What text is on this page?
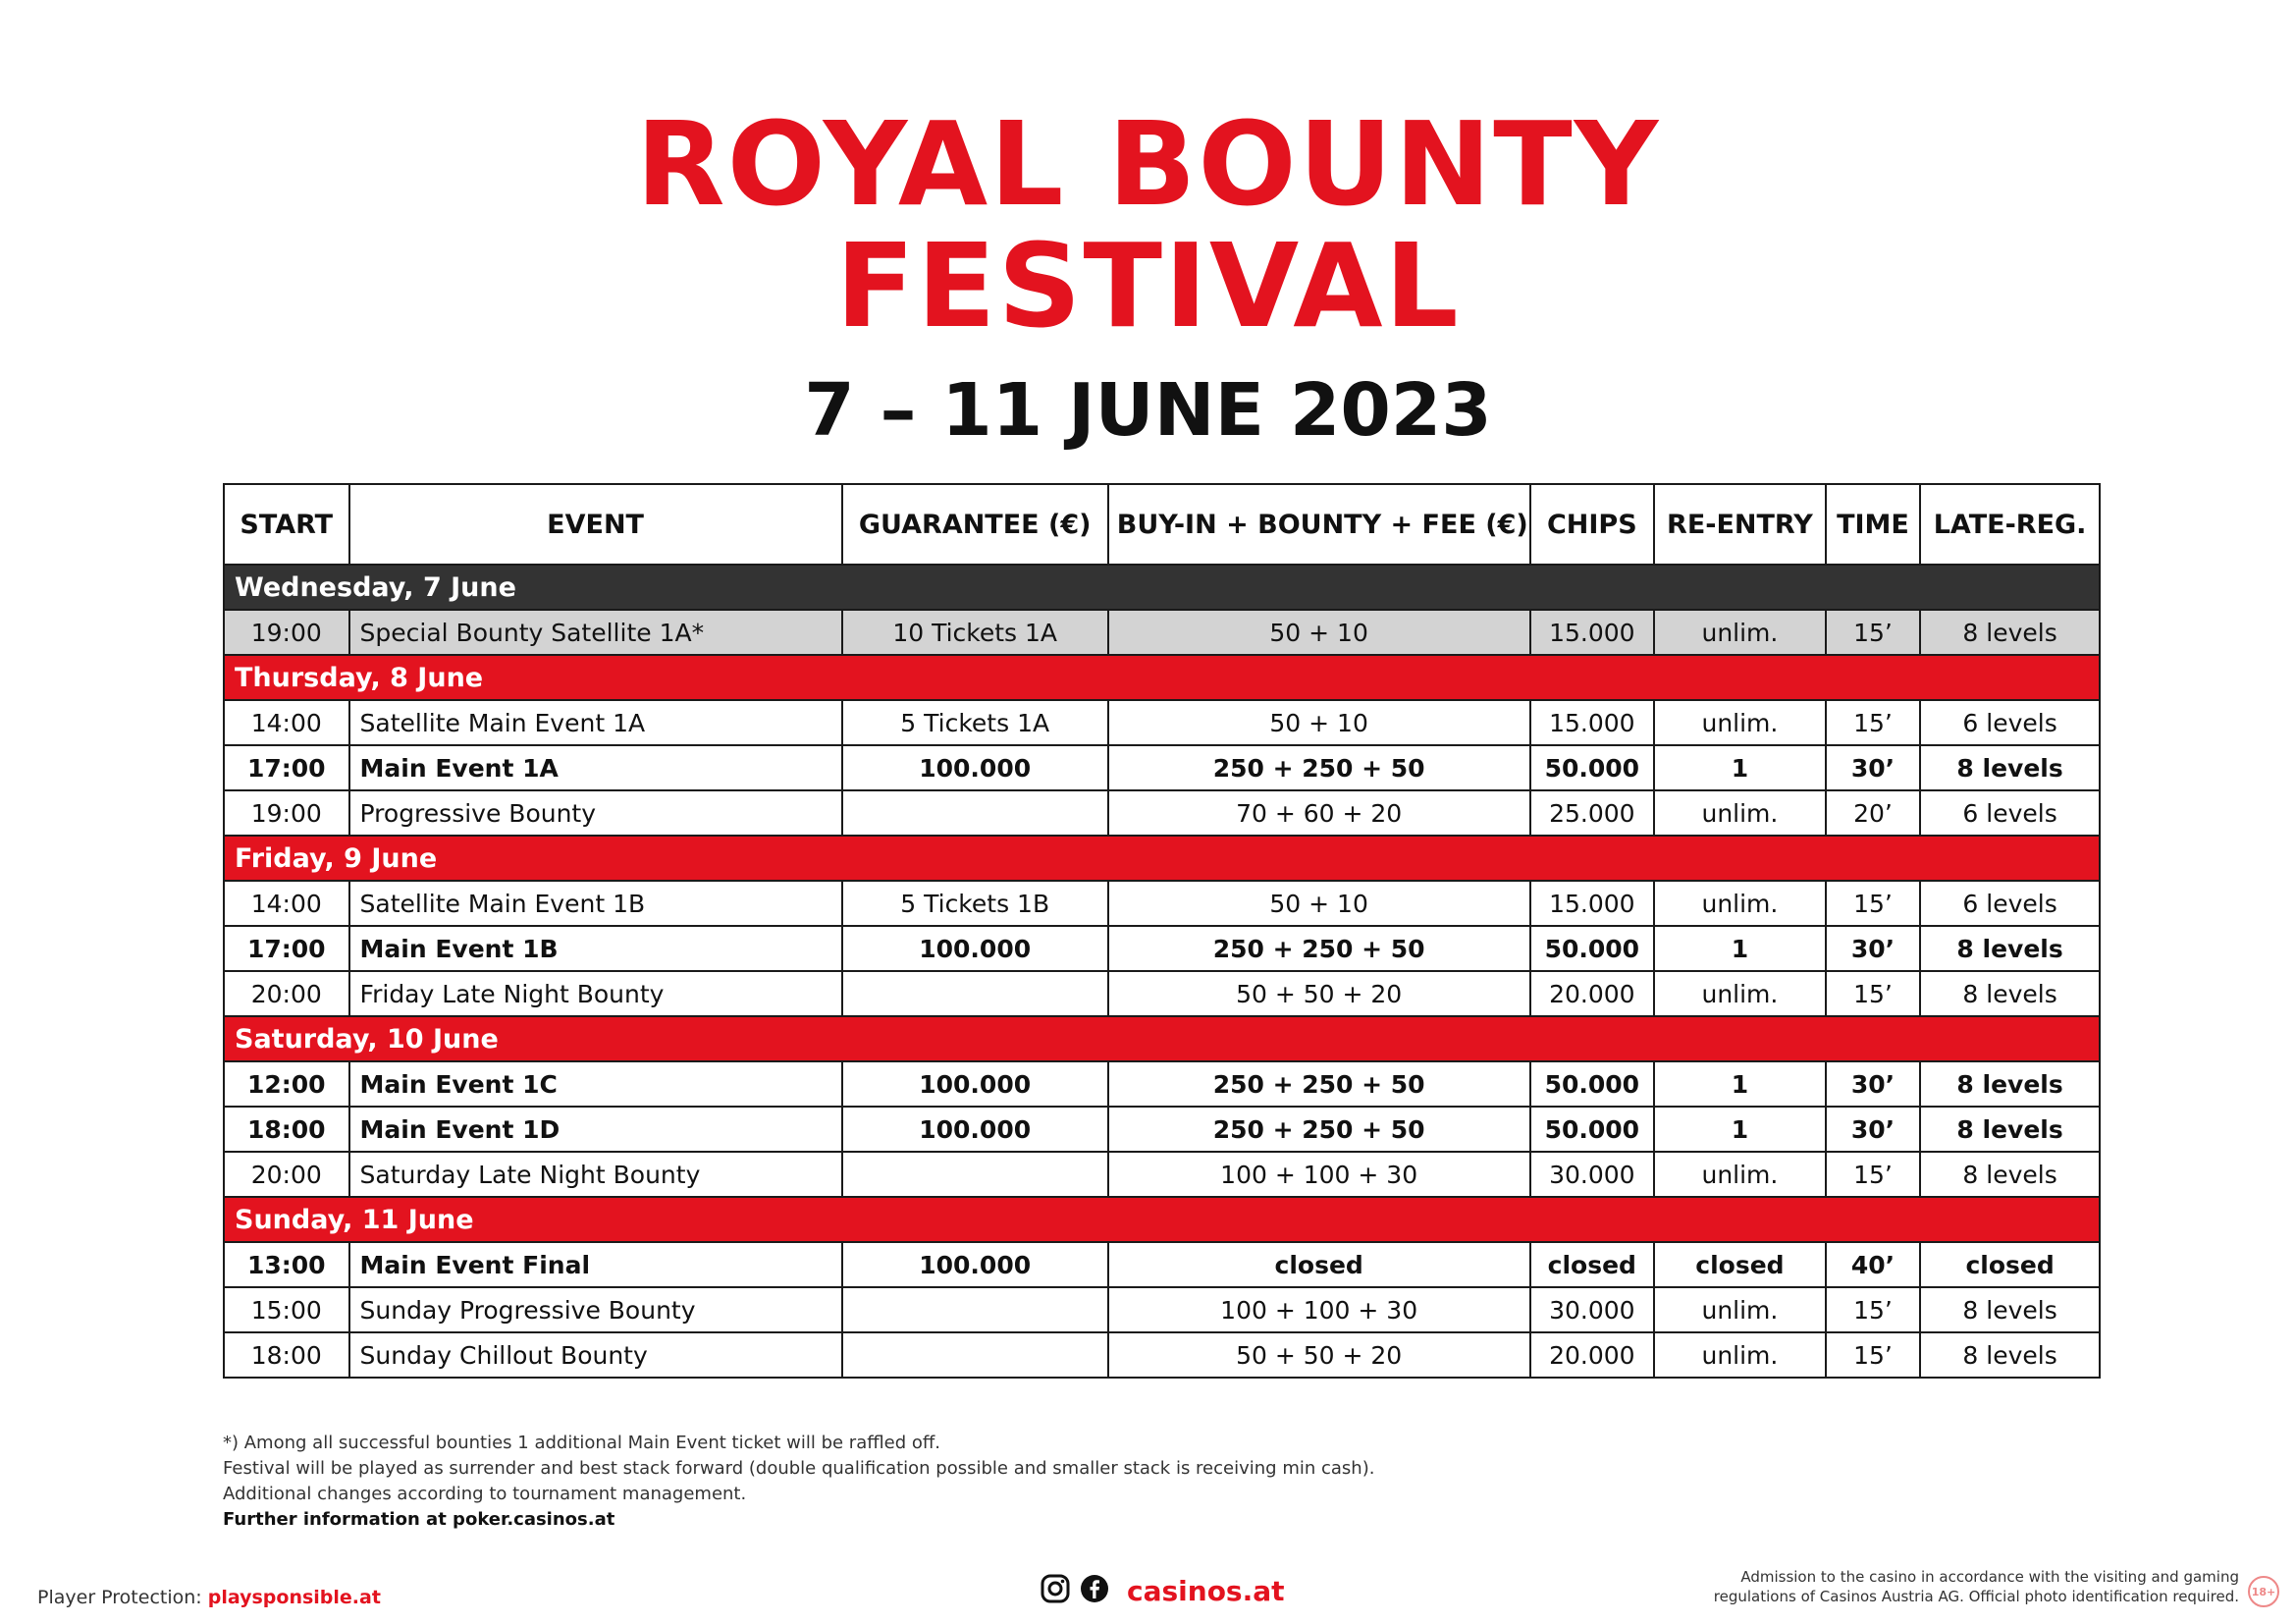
ROYAL BOUNTY
FESTIVAL
7 – 11 JUNE 2023
START	EVENT	GUARANTEE (€)	BUY-IN + BOUNTY + FEE (€)	CHIPS	RE-ENTRY	TIME	LATE-REG.
Wednesday, 7 June							
19:00	Special Bounty Satellite 1A*	10 Tickets 1A	50 + 10	15.000	unlim.	15’	8 levels
Thursday, 8 June							
14:00	Satellite Main Event 1A	5 Tickets 1A	50 + 10	15.000	unlim.	15’	6 levels
17:00	Main Event 1A	100.000	250 + 250 + 50	50.000	1	30’	8 levels
19:00	Progressive Bounty		70 + 60 + 20	25.000	unlim.	20’	6 levels
Friday, 9 June							
14:00	Satellite Main Event 1B	5 Tickets 1B	50 + 10	15.000	unlim.	15’	6 levels
17:00	Main Event 1B	100.000	250 + 250 + 50	50.000	1	30’	8 levels
20:00	Friday Late Night Bounty		50 + 50 + 20	20.000	unlim.	15’	8 levels
Saturday, 10 June							
12:00	Main Event 1C	100.000	250 + 250 + 50	50.000	1	30’	8 levels
18:00	Main Event 1D	100.000	250 + 250 + 50	50.000	1	30’	8 levels
20:00	Saturday Late Night Bounty		100 + 100 + 30	30.000	unlim.	15’	8 levels
Sunday, 11 June							
13:00	Main Event Final	100.000	closed	closed	closed	40’	closed
15:00	Sunday Progressive Bounty		100 + 100 + 30	30.000	unlim.	15’	8 levels
18:00	Sunday Chillout Bounty		50 + 50 + 20	20.000	unlim.	15’	8 levels
*) Among all successful bounties 1 additional Main Event ticket will be raffled off.
Festival will be played as surrender and best stack forward (double qualification possible and smaller stack is receiving min cash).
Additional changes according to tournament management.
Further information at poker.casinos.at
Player Protection: playsponsible.at	casinos.at	Admission to the casino in accordance with the visiting and gaming
regulations of Casinos Austria AG. Official photo identification required.	18+
